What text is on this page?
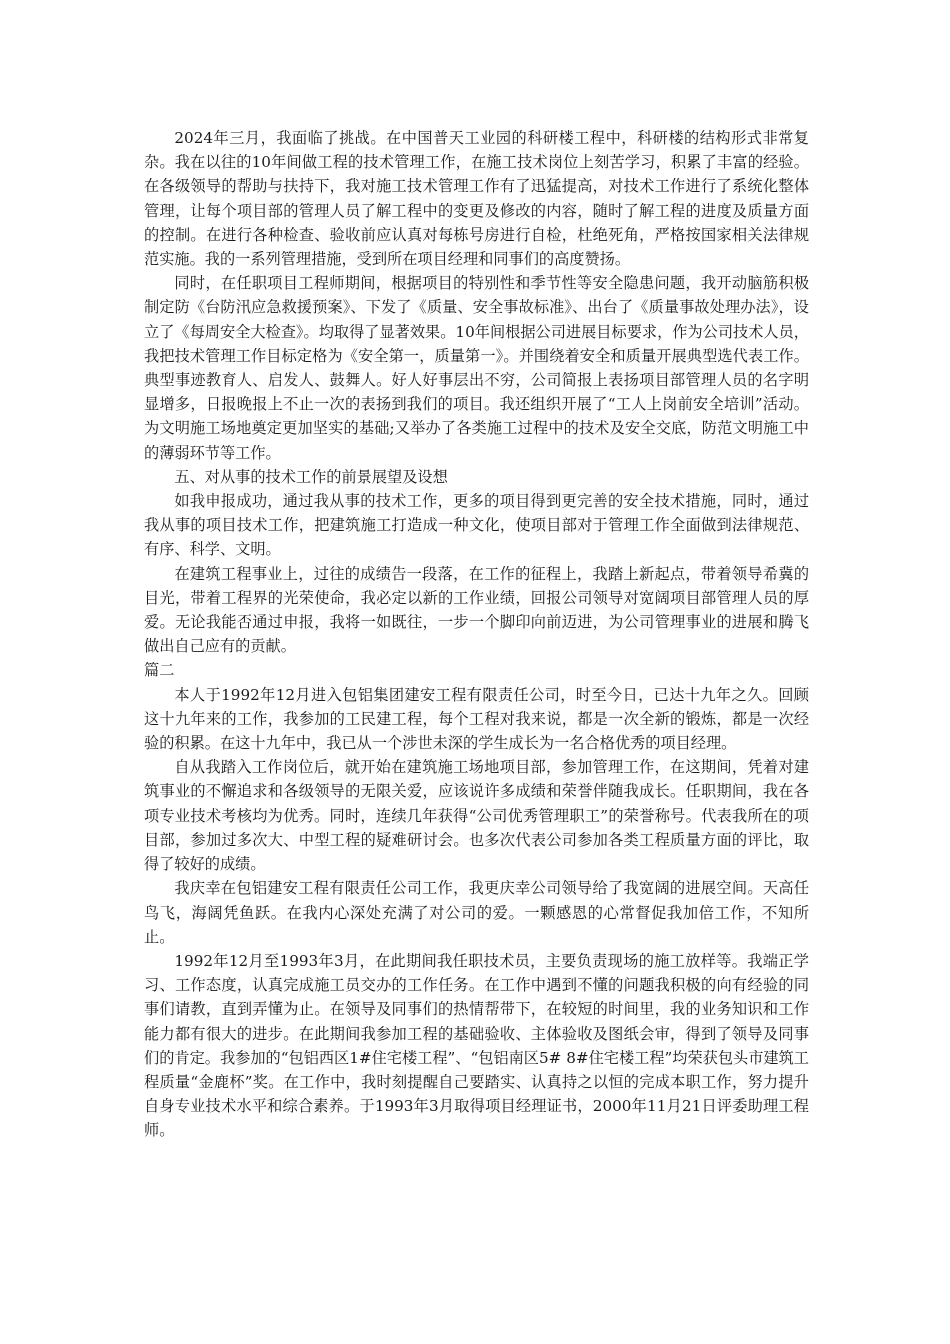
2024年三月，我面临了挑战。在中国普天工业园的科研楼工程中，科研楼的结构形式非常复杂。我在以往的10年间做工程的技术管理工作，在施工技术岗位上刻苦学习，积累了丰富的经验。在各级领导的帮助与扶持下，我对施工技术管理工作有了迅猛提高，对技术工作进行了系统化整体管理，让每个项目部的管理人员了解工程中的变更及修改的内容，随时了解工程的进度及质量方面的控制。在进行各种检查、验收前应认真对每栋号房进行自检，杜绝死角，严格按国家相关法律规范实施。我的一系列管理措施，受到所在项目经理和同事们的高度赞扬。

同时，在任职项目工程师期间，根据项目的特别性和季节性等安全隐患问题，我开动脑筋积极制定防《台防汛应急救援预案》、下发了《质量、安全事故标准》、出台了《质量事故处理办法》，设立了《每周安全大检查》。均取得了显著效果。10年间根据公司进展目标要求，作为公司技术人员，我把技术管理工作目标定格为《安全第一，质量第一》。并围绕着安全和质量开展典型选代表工作。典型事迹教育人、启发人、鼓舞人。好人好事层出不穷，公司简报上表扬项目部管理人员的名字明显增多，日报晚报上不止一次的表扬到我们的项目。我还组织开展了“工人上岗前安全培训”活动。为文明施工场地奠定更加坚实的基础;又举办了各类施工过程中的技术及安全交底，防范文明施工中的薄弱环节等工作。

五、对从事的技术工作的前景展望及设想

如我申报成功，通过我从事的技术工作，更多的项目得到更完善的安全技术措施，同时，通过我从事的项目技术工作，把建筑施工打造成一种文化，使项目部对于管理工作全面做到法律规范、有序、科学、文明。

在建筑工程事业上，过往的成绩告一段落，在工作的征程上，我踏上新起点，带着领导希冀的目光，带着工程界的光荣使命，我必定以新的工作业绩，回报公司领导对宽阔项目部管理人员的厚爱。无论我能否通过申报，我将一如既往，一步一个脚印向前迈进，为公司管理事业的进展和腾飞做出自己应有的贡献。

篇二

本人于1992年12月进入包铝集团建安工程有限责任公司，时至今日，已达十九年之久。回顾这十九年来的工作，我参加的工民建工程，每个工程对我来说，都是一次全新的锻炼，都是一次经验的积累。在这十九年中，我已从一个涉世未深的学生成长为一名合格优秀的项目经理。

自从我踏入工作岗位后，就开始在建筑施工场地项目部，参加管理工作，在这期间，凭着对建筑事业的不懈追求和各级领导的无限关爱，应该说许多成绩和荣誉伴随我成长。任职期间，我在各项专业技术考核均为优秀。同时，连续几年获得“公司优秀管理职工”的荣誉称号。代表我所在的项目部，参加过多次大、中型工程的疑难研讨会。也多次代表公司参加各类工程质量方面的评比，取得了较好的成绩。

我庆幸在包铝建安工程有限责任公司工作，我更庆幸公司领导给了我宽阔的进展空间。天高任鸟飞，海阔凭鱼跃。在我内心深处充满了对公司的爱。一颗感恩的心常督促我加倍工作，不知所止。

1992年12月至1993年3月，在此期间我任职技术员，主要负责现场的施工放样等。我端正学习、工作态度，认真完成施工员交办的工作任务。在工作中遇到不懂的问题我积极的向有经验的同事们请教，直到弄懂为止。在领导及同事们的热情帮带下，在较短的时间里，我的业务知识和工作能力都有很大的进步。在此期间我参加工程的基础验收、主体验收及图纸会审，得到了领导及同事们的肯定。我参加的“包铝西区1#住宅楼工程”、“包铝南区5# 8#住宅楼工程”均荣获包头市建筑工程质量“金鹿杯”奖。在工作中，我时刻提醒自己要踏实、认真持之以恒的完成本职工作，努力提升自身专业技术水平和综合素养。于1993年3月取得项目经理证书，2000年11月21日评委助理工程师。
